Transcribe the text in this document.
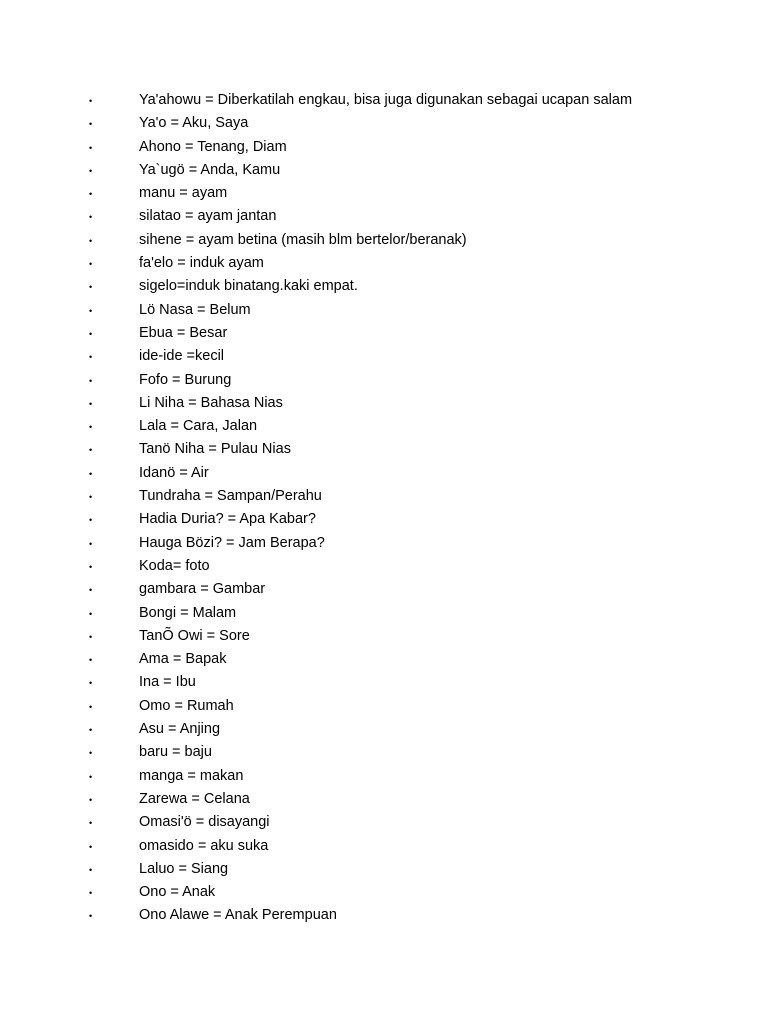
•	Ya'ahowu = Diberkatilah engkau, bisa juga digunakan sebagai ucapan salam
•	Ya'o = Aku, Saya
•	Ahono = Tenang, Diam
•	Ya`ugö = Anda, Kamu
•	manu = ayam
•	silatao = ayam jantan
•	sihene = ayam betina (masih blm bertelor/beranak)
•	fa'elo = induk ayam
•	sigelo=induk binatang.kaki empat.
•	Lö Nasa = Belum
•	Ebua = Besar
•	ide-ide =kecil
•	Fofo = Burung
•	Li Niha = Bahasa Nias
•	Lala = Cara, Jalan
•	Tanö Niha = Pulau Nias
•	Idanö = Air
•	Tundraha = Sampan/Perahu
•	Hadia Duria? = Apa Kabar?
•	Hauga Bözi? = Jam Berapa?
•	Koda= foto
•	gambara = Gambar
•	Bongi = Malam
•	TanÕ Owi = Sore
•	Ama = Bapak
•	Ina = Ibu
•	Omo = Rumah
•	Asu = Anjing
•	baru = baju
•	manga = makan
•	Zarewa = Celana
•	Omasi'ö = disayangi
•	omasido = aku suka
•	Laluo = Siang
•	Ono = Anak
•	Ono Alawe = Anak Perempuan
